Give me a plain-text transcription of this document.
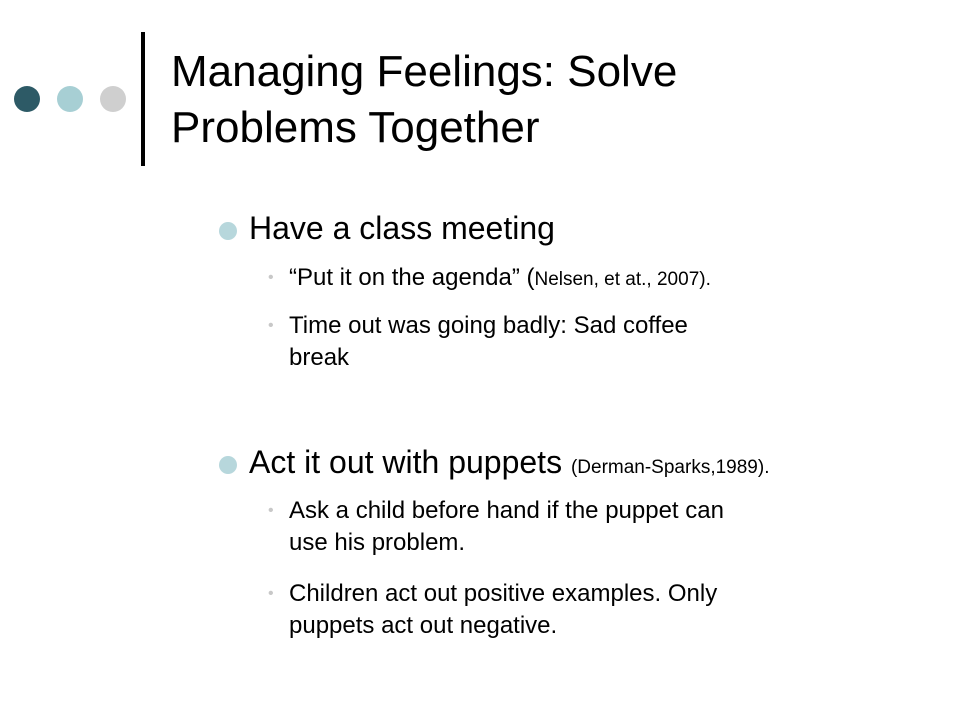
Managing Feelings: Solve
Problems Together
Have a class meeting
• “Put it on the agenda” (Nelsen, et at., 2007).
• Time out was going badly: Sad coffee
break
Act it out with puppets (Derman-Sparks,1989).
• Ask a child before hand if the puppet can
use his problem.
• Children act out positive examples. Only
puppets act out negative.
